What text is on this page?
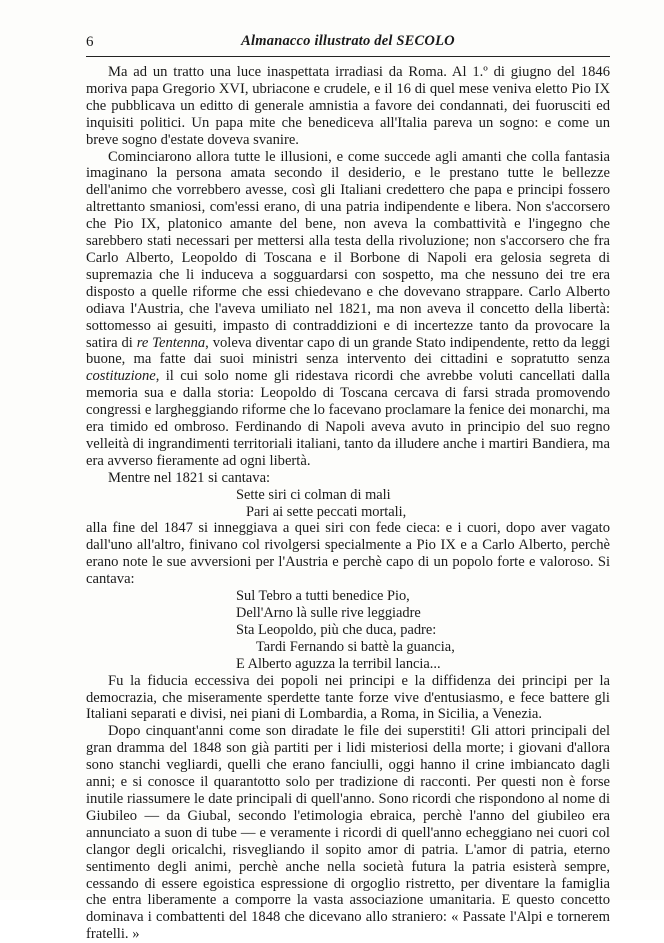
6	Almanacco illustrato del SECOLO

Ma ad un tratto una luce inaspettata irradiasi da Roma. Al 1.º di giugno del 1846 moriva papa Gregorio XVI, ubriacone e crudele, e il 16 di quel mese veniva eletto Pio IX che pubblicava un editto di generale amnistia a favore dei condannati, dei fuorusciti ed inquisiti politici. Un papa mite che benediceva all'Italia pareva un sogno: e come un breve sogno d'estate doveva svanire.

Cominciarono allora tutte le illusioni, e come succede agli amanti che colla fantasia imaginano la persona amata secondo il desiderio, e le prestano tutte le bellezze dell'animo che vorrebbero avesse, così gli Italiani credettero che papa e principi fossero altrettanto smaniosi, com'essi erano, di una patria indipendente e libera. Non s'accorsero che Pio IX, platonico amante del bene, non aveva la combattività e l'ingegno che sarebbero stati necessari per mettersi alla testa della rivoluzione; non s'accorsero che fra Carlo Alberto, Leopoldo di Toscana e il Borbone di Napoli era gelosia segreta di supremazia che li induceva a sogguardarsi con sospetto, ma che nessuno dei tre era disposto a quelle riforme che essi chiedevano e che dovevano strappare. Carlo Alberto odiava l'Austria, che l'aveva umiliato nel 1821, ma non aveva il concetto della libertà: sottomesso ai gesuiti, impasto di contraddizioni e di incertezze tanto da provocare la satira di re Tentenna, voleva diventar capo di un grande Stato indipendente, retto da leggi buone, ma fatte dai suoi ministri senza intervento dei cittadini e sopratutto senza costituzione, il cui solo nome gli ridestava ricordi che avrebbe voluti cancellati dalla memoria sua e dalla storia: Leopoldo di Toscana cercava di farsi strada promovendo congressi e largheggiando riforme che lo facevano proclamare la fenice dei monarchi, ma era timido ed ombroso. Ferdinando di Napoli aveva avuto in principio del suo regno velleità di ingrandimenti territoriali italiani, tanto da illudere anche i martiri Bandiera, ma era avverso fieramente ad ogni libertà.

Mentre nel 1821 si cantava:

Sette siri ci colman di mali
Pari ai sette peccati mortali,

alla fine del 1847 si inneggiava a quei siri con fede cieca: e i cuori, dopo aver vagato dall'uno all'altro, finivano col rivolgersi specialmente a Pio IX e a Carlo Alberto, perchè erano note le sue avversioni per l'Austria e perchè capo di un popolo forte e valoroso. Si cantava:

Sul Tebro a tutti benedice Pio,
Dell'Arno là sulle rive leggiadre
Sta Leopoldo, più che duca, padre:
Tardi Fernando si battè la guancia,
E Alberto aguzza la terribil lancia...

Fu la fiducia eccessiva dei popoli nei principi e la diffidenza dei principi per la democrazia, che miseramente sperdette tante forze vive d'entusiasmo, e fece battere gli Italiani separati e divisi, nei piani di Lombardia, a Roma, in Sicilia, a Venezia.

Dopo cinquant'anni come son diradate le file dei superstiti! Gli attori principali del gran dramma del 1848 son già partiti per i lidi misteriosi della morte; i giovani d'allora sono stanchi vegliardi, quelli che erano fanciulli, oggi hanno il crine imbiancato dagli anni; e si conosce il quarantotto solo per tradizione di racconti. Per questi non è forse inutile riassumere le date principali di quell'anno. Sono ricordi che rispondono al nome di Giubileo — da Giubal, secondo l'etimologia ebraica, perchè l'anno del giubileo era annunciato a suon di tube — e veramente i ricordi di quell'anno echeggiano nei cuori col clangor degli oricalchi, risvegliando il sopito amor di patria. L'amor di patria, eterno sentimento degli animi, perchè anche nella società futura la patria esisterà sempre, cessando di essere egoistica espressione di orgoglio ristretto, per diventare la famiglia che entra liberamente a comporre la vasta associazione umanitaria. E questo concetto dominava i combattenti del 1848 che dicevano allo straniero: « Passate l'Alpi e tornerem fratelli. »
